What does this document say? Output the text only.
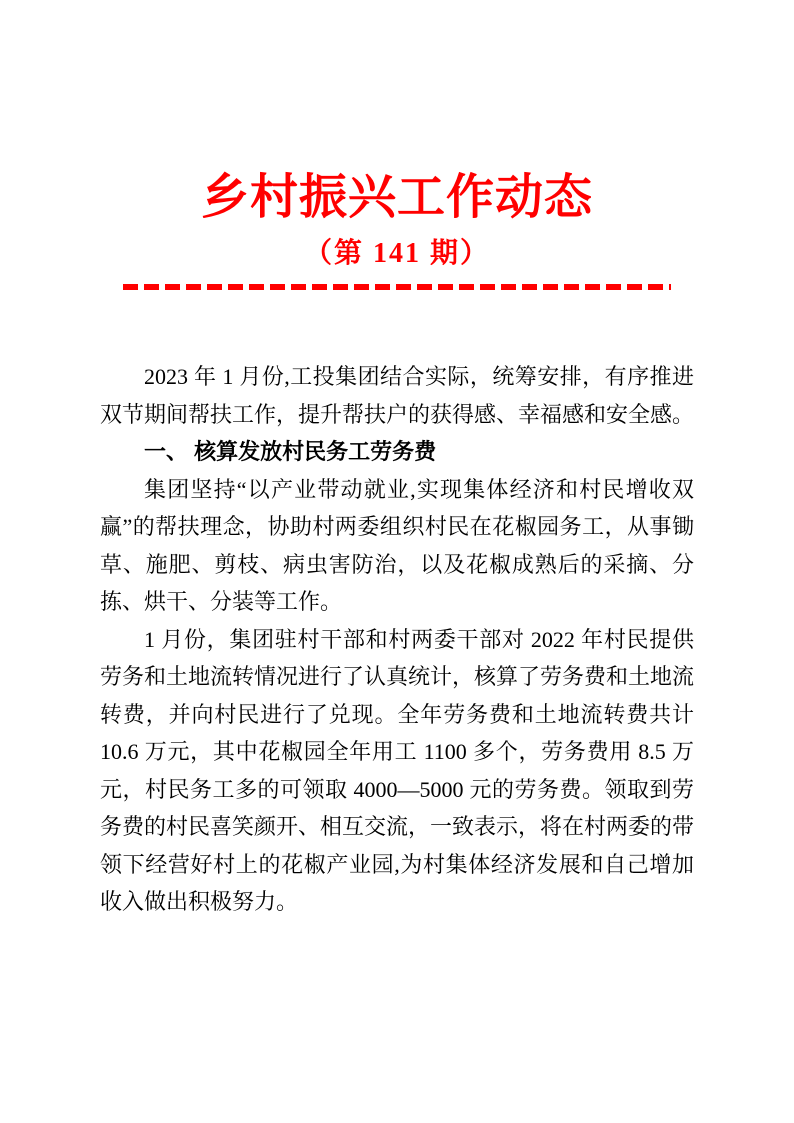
乡村振兴工作动态
（第 141 期）

2023 年 1 月份,工投集团结合实际，统筹安排，有序推进双节期间帮扶工作，提升帮扶户的获得感、幸福感和安全感。

一、 核算发放村民务工劳务费

集团坚持“以产业带动就业,实现集体经济和村民增收双赢”的帮扶理念，协助村两委组织村民在花椒园务工，从事锄草、施肥、剪枝、病虫害防治，以及花椒成熟后的采摘、分拣、烘干、分装等工作。

1 月份，集团驻村干部和村两委干部对 2022 年村民提供劳务和土地流转情况进行了认真统计，核算了劳务费和土地流转费，并向村民进行了兑现。全年劳务费和土地流转费共计 10.6 万元，其中花椒园全年用工 1100 多个，劳务费用 8.5 万元，村民务工多的可领取 4000—5000 元的劳务费。领取到劳务费的村民喜笑颜开、相互交流，一致表示，将在村两委的带领下经营好村上的花椒产业园,为村集体经济发展和自己增加收入做出积极努力。
